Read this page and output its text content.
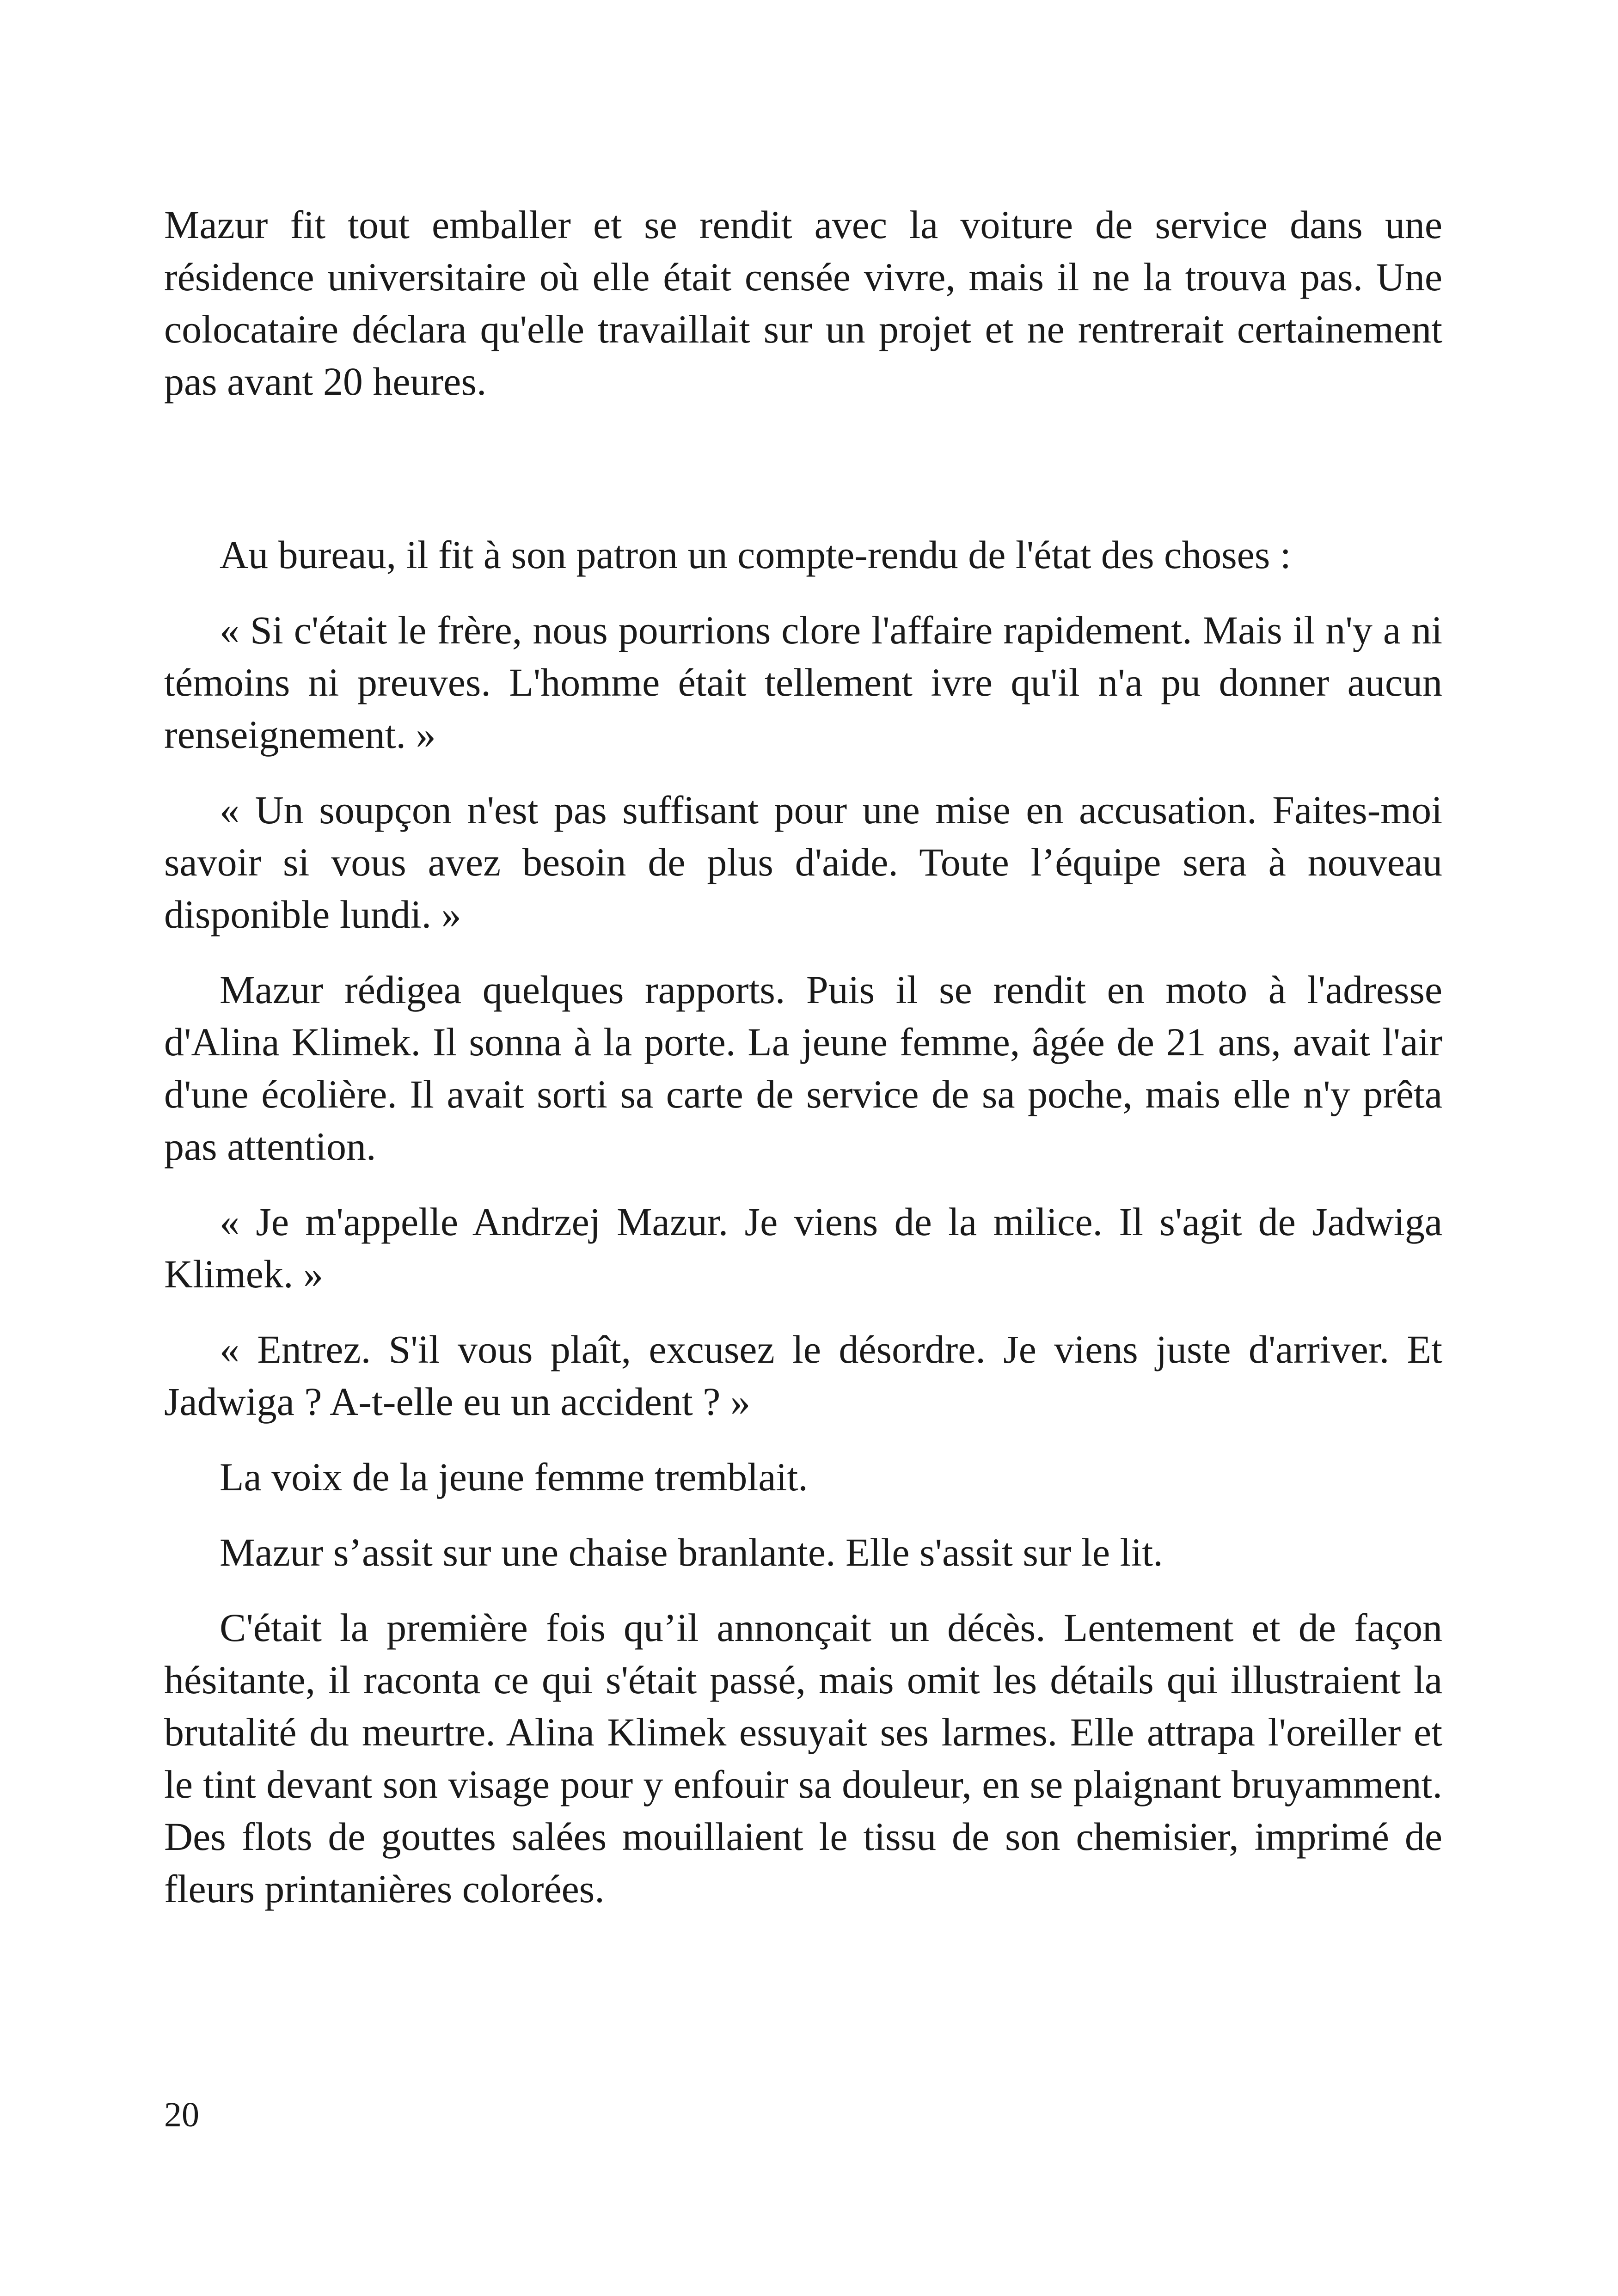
Mazur fit tout emballer et se rendit avec la voiture de service dans une résidence universitaire où elle était censée vivre, mais il ne la trouva pas. Une colocataire déclara qu'elle travaillait sur un projet et ne rentrerait certainement pas avant 20 heures.

Au bureau, il fit à son patron un compte-rendu de l'état des choses :

« Si c'était le frère, nous pourrions clore l'affaire rapidement. Mais il n'y a ni témoins ni preuves. L'homme était tellement ivre qu'il n'a pu donner aucun renseignement. »

« Un soupçon n'est pas suffisant pour une mise en accusation. Faites-moi savoir si vous avez besoin de plus d'aide. Toute l’équipe sera à nouveau disponible lundi. »

Mazur rédigea quelques rapports. Puis il se rendit en moto à l'adresse d'Alina Klimek. Il sonna à la porte. La jeune femme, âgée de 21 ans, avait l'air d'une écolière. Il avait sorti sa carte de service de sa poche, mais elle n'y prêta pas attention.

« Je m'appelle Andrzej Mazur. Je viens de la milice. Il s'agit de Jadwiga Klimek. »

« Entrez. S'il vous plaît, excusez le désordre. Je viens juste d'arriver. Et Jadwiga ? A-t-elle eu un accident ? »

La voix de la jeune femme tremblait.

Mazur s’assit sur une chaise branlante. Elle s'assit sur le lit.

C'était la première fois qu’il annonçait un décès. Lentement et de façon hésitante, il raconta ce qui s'était passé, mais omit les détails qui illustraient la brutalité du meurtre. Alina Klimek essuyait ses larmes. Elle attrapa l'oreiller et le tint devant son visage pour y enfouir sa douleur, en se plaignant bruyamment. Des flots de gouttes salées mouillaient le tissu de son chemisier, imprimé de fleurs printanières colorées.

20
